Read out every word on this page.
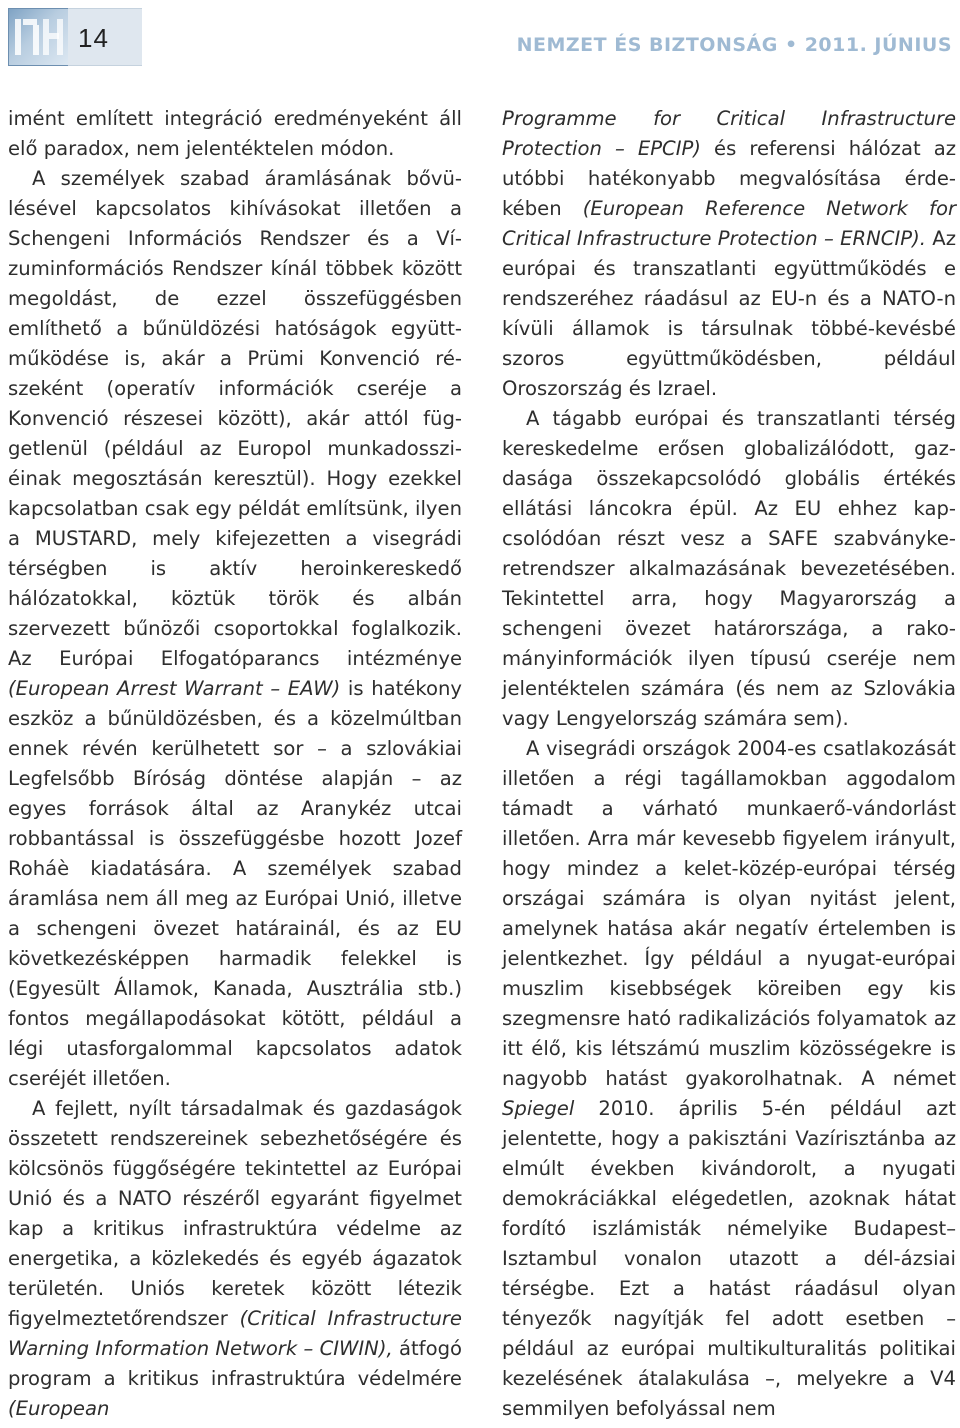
14	NEMZET ÉS BIZTONSÁG • 2011. JÚNIUS

imént említett integráció eredményeként áll elő paradox, nem jelentéktelen módon.

A személyek szabad áramlásának bővülésével kapcsolatos kihívásokat illetően a Schengeni Információs Rendszer és a Vízuminformációs Rendszer kínál többek között megoldást, de ezzel összefüggésben említhető a bűnüldözési hatóságok együttműködése is, akár a Prümi Konvenció részeként (operatív információk cseréje a Konvenció részesei között), akár attól függetlenül (például az Europol munkadossziéinak megosztásán keresztül). Hogy ezekkel kapcsolatban csak egy példát említsünk, ilyen a MUSTARD, mely kifejezetten a visegrádi térségben is aktív heroinkereskedő hálózatokkal, köztük török és albán szervezett bűnözői csoportokkal foglalkozik. Az Európai Elfogatóparancs intézménye (European Arrest Warrant – EAW) is hatékony eszköz a bűnüldözésben, és a közelmúltban ennek révén kerülhetett sor – a szlovákiai Legfelsőbb Bíróság döntése alapján – az egyes források által az Aranykéz utcai robbantással is összefüggésbe hozott Jozef Roháè kiadatására. A személyek szabad áramlása nem áll meg az Európai Unió, illetve a schengeni övezet határainál, és az EU következésképpen harmadik felekkel is (Egyesült Államok, Kanada, Ausztrália stb.) fontos megállapodásokat kötött, például a légi utasforgalommal kapcsolatos adatok cseréjét illetően.

A fejlett, nyílt társadalmak és gazdaságok összetett rendszereinek sebezhetőségére és kölcsönös függőségére tekintettel az Európai Unió és a NATO részéről egyaránt figyelmet kap a kritikus infrastruktúra védelme az energetika, a közlekedés és egyéb ágazatok területén. Uniós keretek között létezik figyelmeztetőrendszer (Critical Infrastructure Warning Information Network – CIWIN), átfogó program a kritikus infrastruktúra védelmére (European

Programme for Critical Infrastructure Protection – EPCIP) és referensi hálózat az utóbbi hatékonyabb megvalósítása érdekében (European Reference Network for Critical Infrastructure Protection – ERNCIP). Az európai és transzatlanti együttműködés e rendszeréhez ráadásul az EU-n és a NATO-n kívüli államok is társulnak többé-kevésbé szoros együttműködésben, például Oroszország és Izrael.

A tágabb európai és transzatlanti térség kereskedelme erősen globalizálódott, gazdasága összekapcsolódó globális értékés ellátási láncokra épül. Az EU ehhez kapcsolódóan részt vesz a SAFE szabványkeretrendszer alkalmazásának bevezetésében. Tekintettel arra, hogy Magyarország a schengeni övezet határországa, a rakományinformációk ilyen típusú cseréje nem jelentéktelen számára (és nem az Szlovákia vagy Lengyelország számára sem).

A visegrádi országok 2004-es csatlakozását illetően a régi tagállamokban aggodalom támadt a várható munkaerő-vándorlást illetően. Arra már kevesebb figyelem irányult, hogy mindez a kelet-közép-európai térség országai számára is olyan nyitást jelent, amelynek hatása akár negatív értelemben is jelentkezhet. Így például a nyugat-európai muszlim kisebbségek köreiben egy kis szegmensre ható radikalizációs folyamatok az itt élő, kis létszámú muszlim közösségekre is nagyobb hatást gyakorolhatnak. A német Spiegel 2010. április 5-én például azt jelentette, hogy a pakisztáni Vazírisztánba az elmúlt években kivándorolt, a nyugati demokráciákkal elégedetlen, azoknak hátat fordító iszlámisták némelyike Budapest–Isztambul vonalon utazott a dél-ázsiai térségbe. Ezt a hatást ráadásul olyan tényezők nagyítják fel adott esetben – például az európai multikulturalitás politikai kezelésének átalakulása –, melyekre a V4 semmilyen befolyással nem
